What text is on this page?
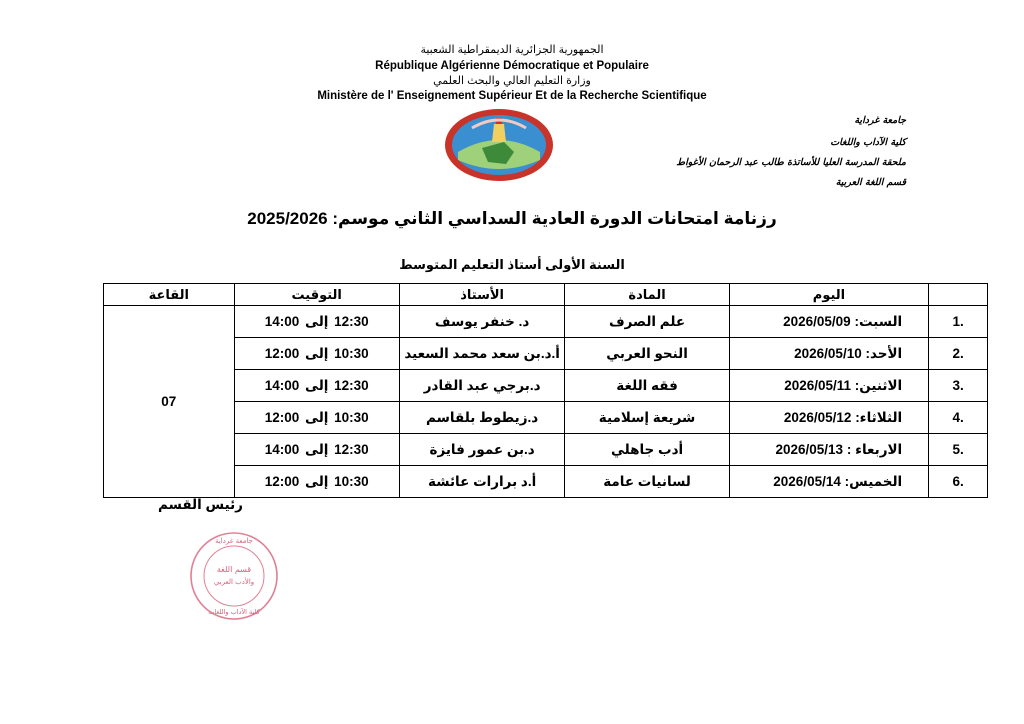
الجمهورية الجزائرية الديمقراطية الشعبية
République Algérienne Démocratique et Populaire
وزارة التعليم العالي والبحث العلمي
Ministère de l' Enseignement Supérieur Et de la Recherche Scientifique
جامعة غرداية
كلية الآداب واللغات
ملحقة المدرسة العليا للأساتذة طالب عبد الرحمان الأغواط
قسم اللغة العربية
رزنامة امتحانات الدورة العادية السداسي الثاني موسم: 2025/2026
السنة الأولى أستاذ التعليم المتوسط
القاعة	التوقيت	الأستاذ	المادة	اليوم	
07	12:30 إلى 14:00	د. خنفر يوسف	علم الصرف	السبت: 2026/05/09	1.
	10:30 إلى 12:00	أ.د.بن سعد محمد السعيد	النحو العربي	الأحد: 2026/05/10	2.
	12:30 إلى 14:00	د.برجي عبد القادر	فقه اللغة	الاثنين: 2026/05/11	3.
	10:30 إلى 12:00	د.زيطوط بلقاسم	شريعة إسلامية	الثلاثاء: 2026/05/12	4.
	12:30 إلى 14:00	د.بن عمور فايزة	أدب جاهلي	الاربعاء : 2026/05/13	5.
	10:30 إلى 12:00	أ.د برارات عائشة	لسانيات عامة	الخميس: 2026/05/14	6.
رئيس القسم
جامعة غرداية
قسم اللغة
والأدب العربي
كلية الآداب واللغات
